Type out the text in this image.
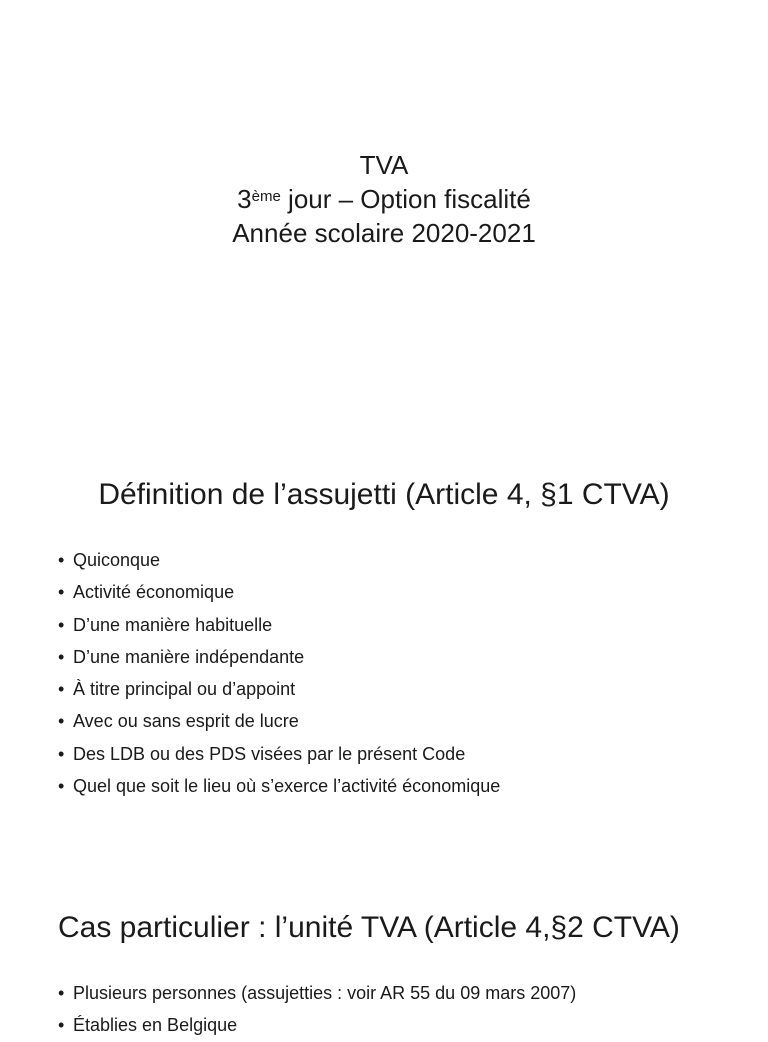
TVA
3ème jour – Option fiscalité
Année scolaire 2020-2021
Définition de l’assujetti (Article 4, §1 CTVA)
• Quiconque
• Activité économique
• D’une manière habituelle
• D’une manière indépendante
• À titre principal ou d’appoint
• Avec ou sans esprit de lucre
• Des LDB ou des PDS visées par le présent Code
• Quel que soit le lieu où s’exerce l’activité économique
Cas particulier : l’unité TVA (Article 4,§2 CTVA)
• Plusieurs personnes (assujetties : voir AR 55 du 09 mars 2007)
• Établies en Belgique
